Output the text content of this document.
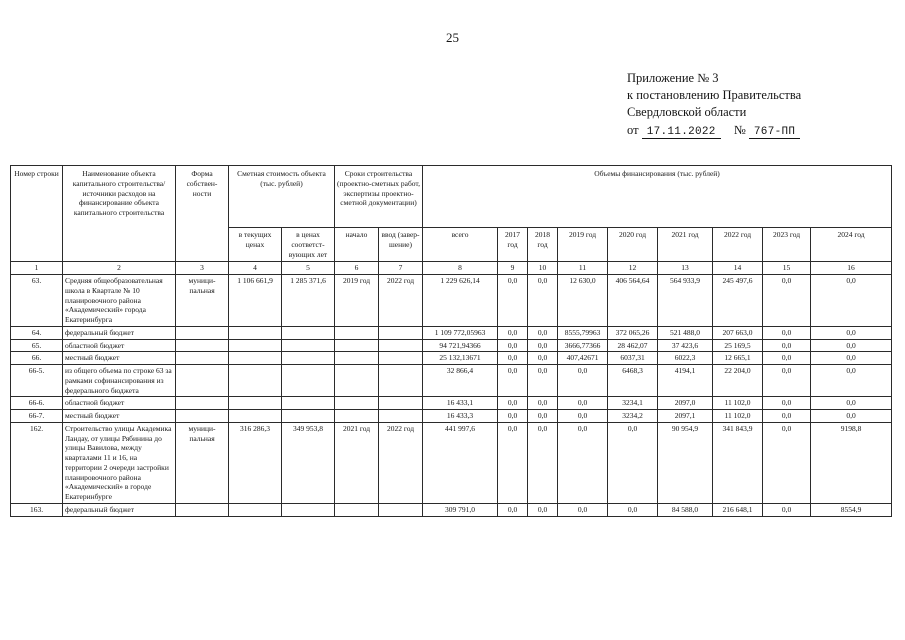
25
Приложение № 3
к постановлению Правительства
Свердловской области
от 17.11.2022 № 767-ПП
Номер строки	Наименование объекта капитального строительства/источники расходов на финансирование объекта капитального строительства	Форма собствен-ности	Сметная стоимость объекта (тыс. рублей)		Сроки строительства (проектно-сметных работ, экспертизы проектно-сметной документации)		Объемы финансирования (тыс. рублей)								
			в текущих ценах	в ценах соответст-вующих лет	начало	ввод (завер-шение)	всего	2017 год	2018 год	2019 год	2020 год	2021 год	2022 год	2023 год	2024 год
1	2	3	4	5	6	7	8	9	10	11	12	13	14	15	16
63.	Средняя общеобразовательная школа в Квартале № 10 планировочного района «Академический» города Екатеринбурга	муници-пальная	1 106 661,9	1 285 371,6	2019 год	2022 год	1 229 626,14	0,0	0,0	12 630,0	406 564,64	564 933,9	245 497,6	0,0	0,0
64.	федеральный бюджет						1 109 772,05963	0,0	0,0	8555,79963	372 065,26	521 488,0	207 663,0	0,0	0,0
65.	областной бюджет						94 721,94366	0,0	0,0	3666,77366	28 462,07	37 423,6	25 169,5	0,0	0,0
66.	местный бюджет						25 132,13671	0,0	0,0	407,42671	6037,31	6022,3	12 665,1	0,0	0,0
66-5.	из общего объема по строке 63 за рамками софинансирования из федерального бюджета						32 866,4	0,0	0,0	0,0	6468,3	4194,1	22 204,0	0,0	0,0
66-6.	областной бюджет						16 433,1	0,0	0,0	0,0	3234,1	2097,0	11 102,0	0,0	0,0
66-7.	местный бюджет						16 433,3	0,0	0,0	0,0	3234,2	2097,1	11 102,0	0,0	0,0
162.	Строительство улицы Академика Ландау, от улицы Рябинина до улицы Вавилова, между кварталами 11 и 16, на территории 2 очереди застройки планировочного района «Академический» в городе Екатеринбурге	муници-пальная	316 286,3	349 953,8	2021 год	2022 год	441 997,6	0,0	0,0	0,0	0,0	90 954,9	341 843,9	0,0	9198,8
163.	федеральный бюджет						309 791,0	0,0	0,0	0,0	0,0	84 588,0	216 648,1	0,0	8554,9
